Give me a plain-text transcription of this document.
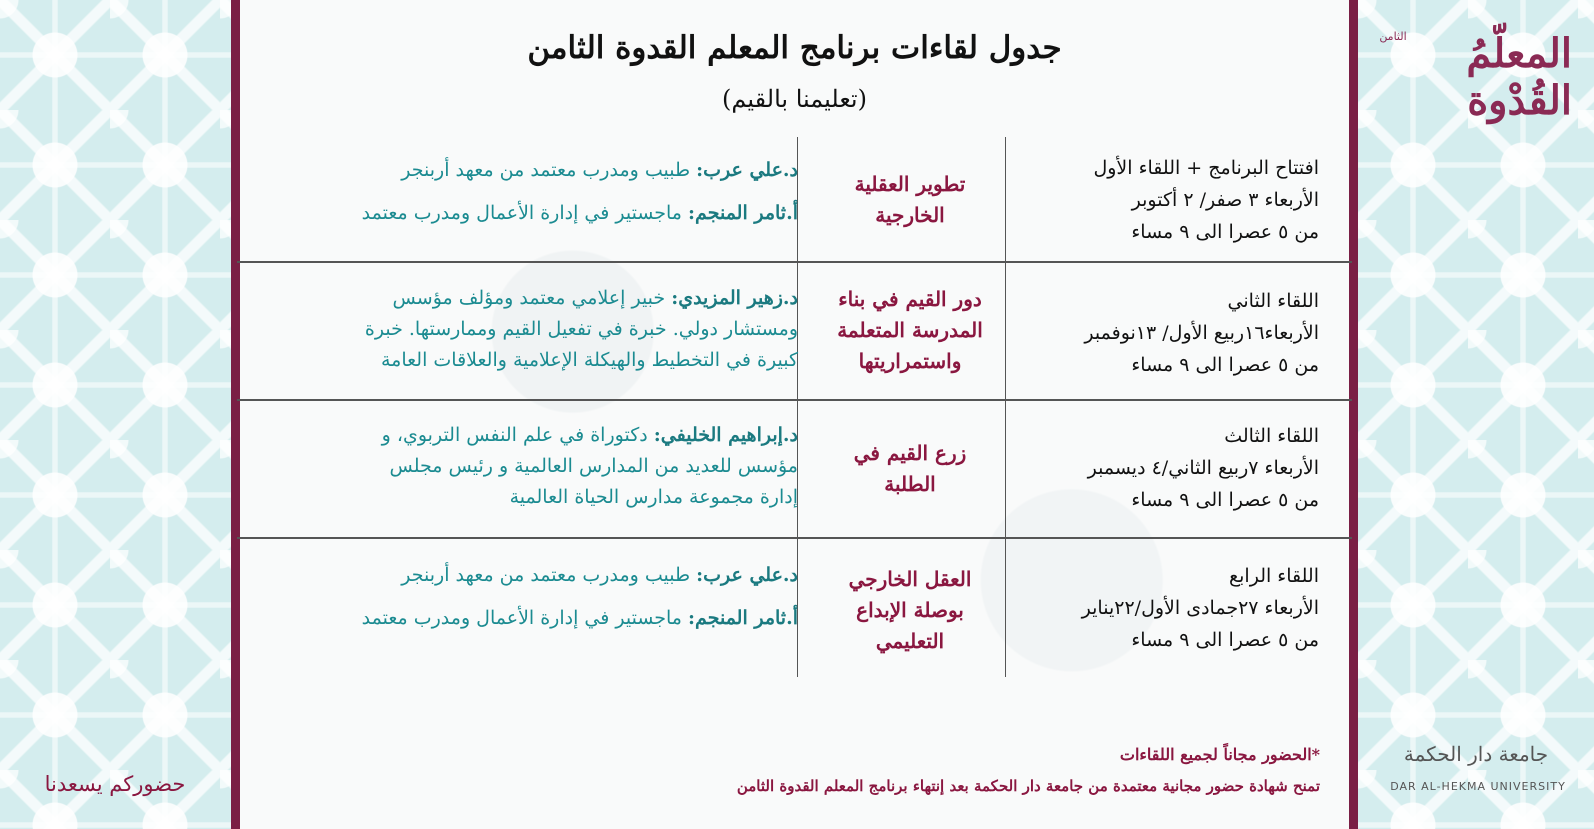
جدول لقاءات برنامج المعلم القدوة الثامن
(تعليمنا بالقيم)
الثامن	المعلّمُ القُدْوة
افتتاح البرنامج + اللقاء الأول
الأربعاء ٣ صفر/ ٢ أكتوبر
من ٥ عصرا الى ٩ مساء
تطوير العقلية
الخارجية
د.علي عرب: طبيب ومدرب معتمد من معهد أربنجر
أ.ثامر المنجم: ماجستير في إدارة الأعمال ومدرب معتمد
اللقاء الثاني
الأربعاء١٦ربيع الأول/ ١٣نوفمبر
من ٥ عصرا الى ٩ مساء
دور القيم في بناء
المدرسة المتعلمة
واستمراريتها
د.زهير المزيدي: خبير إعلامي معتمد ومؤلف مؤسس
ومستشار دولي. خبرة في تفعيل القيم وممارستها. خبرة
كبيرة في التخطيط والهيكلة الإعلامية والعلاقات العامة
اللقاء الثالث
الأربعاء ٧ربيع الثاني/٤ ديسمبر
من ٥ عصرا الى ٩ مساء
زرع القيم في
الطلبة
د.إبراهيم الخليفي: دكتوراة في علم النفس التربوي، و
مؤسس للعديد من المدارس العالمية و رئيس مجلس
إدارة مجموعة مدارس الحياة العالمية
اللقاء الرابع
الأربعاء ٢٧جمادى الأول/٢٢يناير
من ٥ عصرا الى ٩ مساء
العقل الخارجي
بوصلة الإبداع
التعليمي
د.علي عرب: طبيب ومدرب معتمد من معهد أربنجر
أ.ثامر المنجم: ماجستير في إدارة الأعمال ومدرب معتمد
*الحضور مجاناً لجميع اللقاءات
تمنح شهادة حضور مجانية معتمدة من جامعة دار الحكمة بعد إنتهاء برنامج المعلم القدوة الثامن
حضوركم يسعدنا
جامعة دار الحكمة
DAR AL-HEKMA UNIVERSITY
